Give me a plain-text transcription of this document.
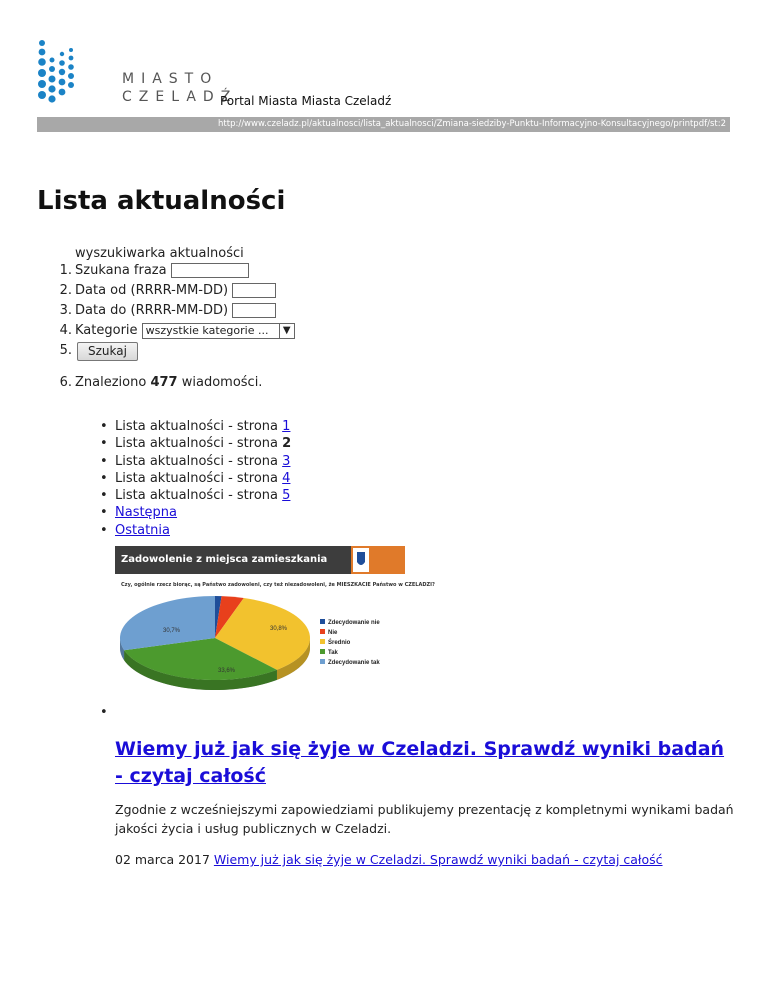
MIASTO
CZELADŹ
Portal Miasta Miasta Czeladź
http://www.czeladz.pl/aktualnosci/lista_aktualnosci/Zmiana-siedziby-Punktu-Informacyjno-Konsultacyjnego/printpdf/st:2
Lista aktualności
wyszukiwarka aktualności
1. Szukana fraza
2. Data od (RRRR-MM-DD)
3. Data do (RRRR-MM-DD)
4. Kategorie wszystkie kategorie ...	▼
5. Szukaj
6. Znaleziono 477 wiadomości.
• Lista aktualności - strona 1
• Lista aktualności - strona 2
• Lista aktualności - strona 3
• Lista aktualności - strona 4
• Lista aktualności - strona 5
• Następna
• Ostatnia
Zadowolenie z miejsca zamieszkania
Czy, ogólnie rzecz biorąc, są Państwo zadowoleni, czy też niezadowoleni, że MIESZKACIE Państwo w CZELADZI?
30,7%	30,8%
33,6%
Zdecydowanie nie
Nie
Średnio
Tak
Zdecydowanie tak
•
Wiemy już jak się żyje w Czeladzi. Sprawdź wyniki badań - czytaj całość
Zgodnie z wcześniejszymi zapowiedziami publikujemy prezentację z kompletnymi wynikami badań jakości życia i usług publicznych w Czeladzi.
02 marca 2017 Wiemy już jak się żyje w Czeladzi. Sprawdź wyniki badań - czytaj całość
